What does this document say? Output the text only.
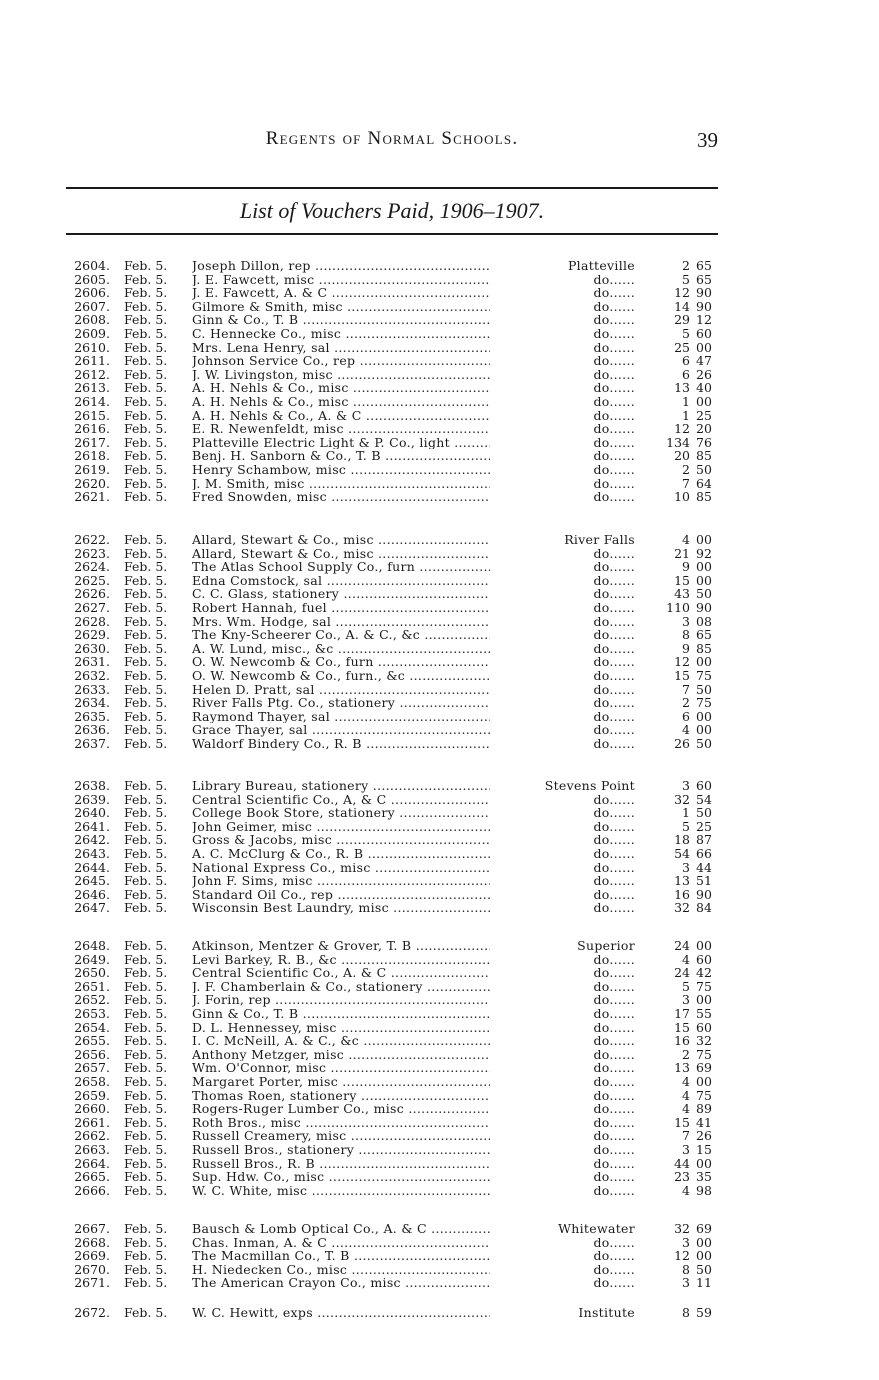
Regents of Normal Schools.	39
List of Vouchers Paid, 1906–1907.
2604. Feb. 5.	Joseph Dillon, rep .....	Platteville	2 65
2605. Feb. 5.	J. E. Fawcett, misc .....	do ......	5 65
2606. Feb. 5.	J. E. Fawcett, A. & C .....	do ......	12 90
2607. Feb. 5.	Gilmore & Smith, misc .....	do ......	14 90
2608. Feb. 5.	Ginn & Co., T. B .....	do ......	29 12
2609. Feb. 5.	C. Hennecke Co., misc .....	do ......	5 60
2610. Feb. 5.	Mrs. Lena Henry, sal .....	do ......	25 00
2611. Feb. 5.	Johnson Service Co., rep .....	do ......	6 47
2612. Feb. 5.	J. W. Livingston, misc .....	do ......	6 26
2613. Feb. 5.	A. H. Nehls & Co., misc .....	do ......	13 40
2614. Feb. 5.	A. H. Nehls & Co., misc .....	do ......	1 00
2615. Feb. 5.	A. H. Nehls & Co., A. & C .....	do ......	1 25
2616. Feb. 5.	E. R. Newenfeldt, misc .....	do ......	12 20
2617. Feb. 5.	Platteville Electric Light & P. Co., light .....	do ......	134 76
2618. Feb. 5.	Benj. H. Sanborn & Co., T. B .....	do ......	20 85
2619. Feb. 5.	Henry Schambow, misc .....	do ......	2 50
2620. Feb. 5.	J. M. Smith, misc .....	do ......	7 64
2621. Feb. 5.	Fred Snowden, misc .....	do ......	10 85
2622. Feb. 5.	Allard, Stewart & Co., misc .....	River Falls	4 00
2623. Feb. 5.	Allard, Stewart & Co., misc .....	do ......	21 92
2624. Feb. 5.	The Atlas School Supply Co., furn .....	do ......	9 00
2625. Feb. 5.	Edna Comstock, sal .....	do ......	15 00
2626. Feb. 5.	C. C. Glass, stationery .....	do ......	43 50
2627. Feb. 5.	Robert Hannah, fuel .....	do ......	110 90
2628. Feb. 5.	Mrs. Wm. Hodge, sal .....	do ......	3 08
2629. Feb. 5.	The Kny-Scheerer Co., A. & C., &c .....	do ......	8 65
2630. Feb. 5.	A. W. Lund, misc., &c .....	do ......	9 85
2631. Feb. 5.	O. W. Newcomb & Co., furn .....	do ......	12 00
2632. Feb. 5.	O. W. Newcomb & Co., furn., &c .....	do ......	15 75
2633. Feb. 5.	Helen D. Pratt, sal .....	do ......	7 50
2634. Feb. 5.	River Falls Ptg. Co., stationery .....	do ......	2 75
2635. Feb. 5.	Raymond Thayer, sal .....	do ......	6 00
2636. Feb. 5.	Grace Thayer, sal .....	do ......	4 00
2637. Feb. 5.	Waldorf Bindery Co., R. B .....	do ......	26 50
2638. Feb. 5.	Library Bureau, stationery .....	Stevens Point	3 60
2639. Feb. 5.	Central Scientific Co., A, & C .....	do ......	32 54
2640. Feb. 5.	College Book Store, stationery .....	do ......	1 50
2641. Feb. 5.	John Geimer, misc .....	do ......	5 25
2642. Feb. 5.	Gross & Jacobs, misc .....	do ......	18 87
2643. Feb. 5.	A. C. McClurg & Co., R. B .....	do ......	54 66
2644. Feb. 5.	National Express Co., misc .....	do ......	3 44
2645. Feb. 5.	John F. Sims, misc .....	do ......	13 51
2646. Feb. 5.	Standard Oil Co., rep .....	do ......	16 90
2647. Feb. 5.	Wisconsin Best Laundry, misc .....	do ......	32 84
2648. Feb. 5.	Atkinson, Mentzer & Grover, T. B .....	Superior	24 00
2649. Feb. 5.	Levi Barkey, R. B., &c .....	do ......	4 60
2650. Feb. 5.	Central Scientific Co., A. & C .....	do ......	24 42
2651. Feb. 5.	J. F. Chamberlain & Co., stationery .....	do ......	5 75
2652. Feb. 5.	J. Forin, rep .....	do ......	3 00
2653. Feb. 5.	Ginn & Co., T. B .....	do ......	17 55
2654. Feb. 5.	D. L. Hennessey, misc .....	do ......	15 60
2655. Feb. 5.	I. C. McNeill, A. & C., &c .....	do ......	16 32
2656. Feb. 5.	Anthony Metzger, misc .....	do ......	2 75
2657. Feb. 5.	Wm. O'Connor, misc .....	do ......	13 69
2658. Feb. 5.	Margaret Porter, misc .....	do ......	4 00
2659. Feb. 5.	Thomas Roen, stationery .....	do ......	4 75
2660. Feb. 5.	Rogers-Ruger Lumber Co., misc .....	do ......	4 89
2661. Feb. 5.	Roth Bros., misc .....	do ......	15 41
2662. Feb. 5.	Russell Creamery, misc .....	do ......	7 26
2663. Feb. 5.	Russell Bros., stationery .....	do ......	3 15
2664. Feb. 5.	Russell Bros., R. B .....	do ......	44 00
2665. Feb. 5.	Sup. Hdw. Co., misc .....	do ......	23 35
2666. Feb. 5.	W. C. White, misc .....	do ......	4 98
2667. Feb. 5.	Bausch & Lomb Optical Co., A. & C .....	Whitewater	32 69
2668. Feb. 5.	Chas. Inman, A. & C .....	do ......	3 00
2669. Feb. 5.	The Macmillan Co., T. B .....	do ......	12 00
2670. Feb. 5.	H. Niedecken Co., misc .....	do ......	8 50
2671. Feb. 5.	The American Crayon Co., misc .....	do ......	3 11
2672. Feb. 5.	W. C. Hewitt, exps .....	Institute	8 59
